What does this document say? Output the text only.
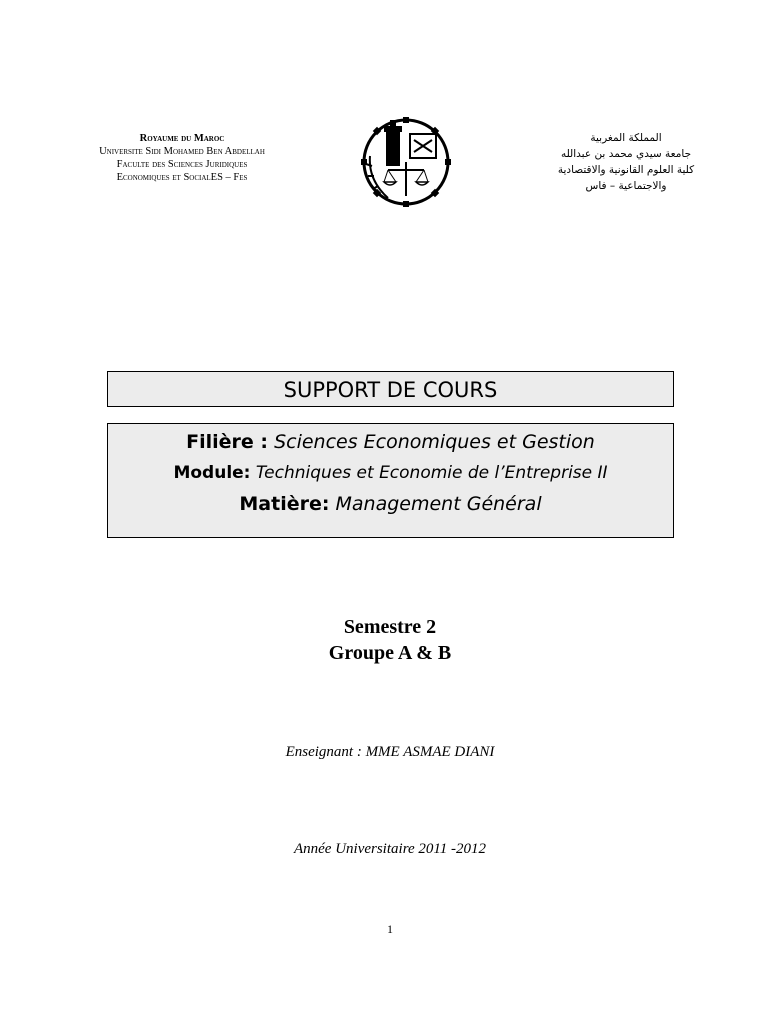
Royaume du Maroc
Universite Sidi Mohamed Ben Abdellah
Faculte des Sciences Juridiques
Economiques et SocialES – Fes
المملكة المغربية
جامعة سيدي محمد بن عبدالله
كلية العلوم القانونية والاقتصادية
والاجتماعية – فاس
SUPPORT DE COURS
Filière : Sciences Economiques et Gestion
Module: Techniques et Economie de l’Entreprise II
Matière: Management Général
Semestre 2
Groupe A & B
Enseignant : MME ASMAE DIANI
Année Universitaire 2011 -2012
1
